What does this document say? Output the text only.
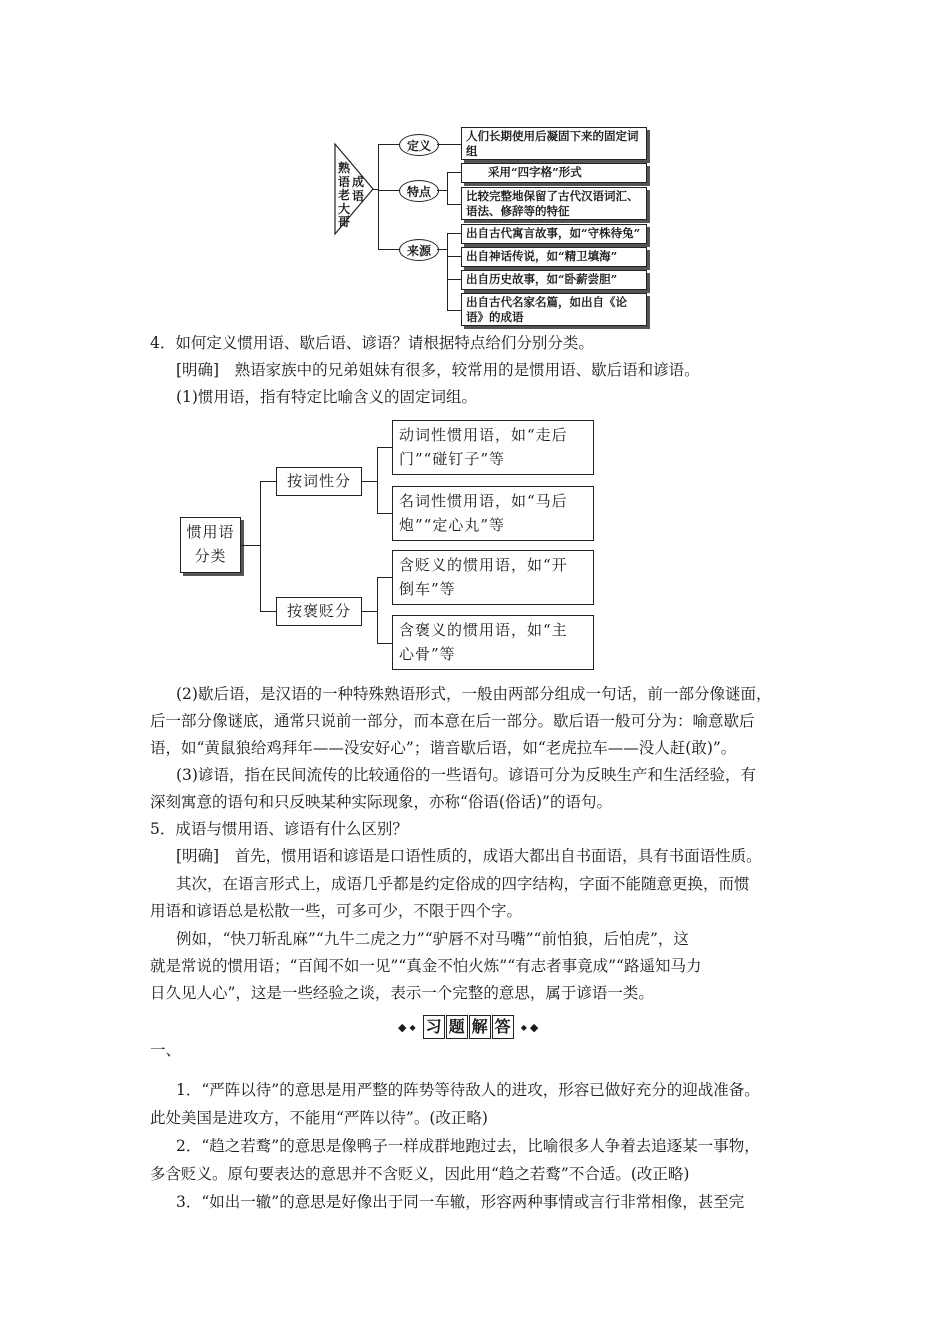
熟语老大哥
成语
定义
特点
来源
人们长期使用后凝固下来的固定词组
采用“四字格”形式
比较完整地保留了古代汉语词汇、语法、修辞等的特征
出自古代寓言故事，如“守株待兔”
出自神话传说，如“精卫填海”
出自历史故事，如“卧薪尝胆”
出自古代名家名篇，如出自《论语》的成语
4．如何定义惯用语、歇后语、谚语？请根据特点给们分别分类。
[明确]　熟语家族中的兄弟姐妹有很多，较常用的是惯用语、歇后语和谚语。
(1)惯用语，指有特定比喻含义的固定词组。
惯用语
分类
按词性分
按褒贬分
动词性惯用语，如“走后
门”“碰钉子”等
名词性惯用语，如“马后
炮”“定心丸”等
含贬义的惯用语，如“开
倒车”等
含褒义的惯用语，如“主
心骨”等
(2)歇后语，是汉语的一种特殊熟语形式，一般由两部分组成一句话，前一部分像谜面，
后一部分像谜底，通常只说前一部分，而本意在后一部分。歇后语一般可分为：喻意歇后
语，如“黄鼠狼给鸡拜年——没安好心”；谐音歇后语，如“老虎拉车——没人赶(敢)”。
(3)谚语，指在民间流传的比较通俗的一些语句。谚语可分为反映生产和生活经验，有
深刻寓意的语句和只反映某种实际现象，亦称“俗语(俗话)”的语句。
5．成语与惯用语、谚语有什么区别？
[明确]　首先，惯用语和谚语是口语性质的，成语大都出自书面语，具有书面语性质。
其次，在语言形式上，成语几乎都是约定俗成的四字结构，字面不能随意更换，而惯
用语和谚语总是松散一些，可多可少，不限于四个字。
例如，“快刀斩乱麻”“九牛二虎之力”“驴唇不对马嘴”“前怕狼，后怕虎”，这
就是常说的惯用语；“百闻不如一见”“真金不怕火炼”“有志者事竟成”“路遥知马力
日久见人心”，这是一些经验之谈，表示一个完整的意思，属于谚语一类。
◆ ◆ 习 题 解 答	◆ ◆
一、
1．“严阵以待”的意思是用严整的阵势等待敌人的进攻，形容已做好充分的迎战准备。
此处美国是进攻方，不能用“严阵以待”。(改正略)
2．“趋之若鹜”的意思是像鸭子一样成群地跑过去，比喻很多人争着去追逐某一事物，
多含贬义。原句要表达的意思并不含贬义，因此用“趋之若鹜”不合适。(改正略)
3．“如出一辙”的意思是好像出于同一车辙，形容两种事情或言行非常相像，甚至完
